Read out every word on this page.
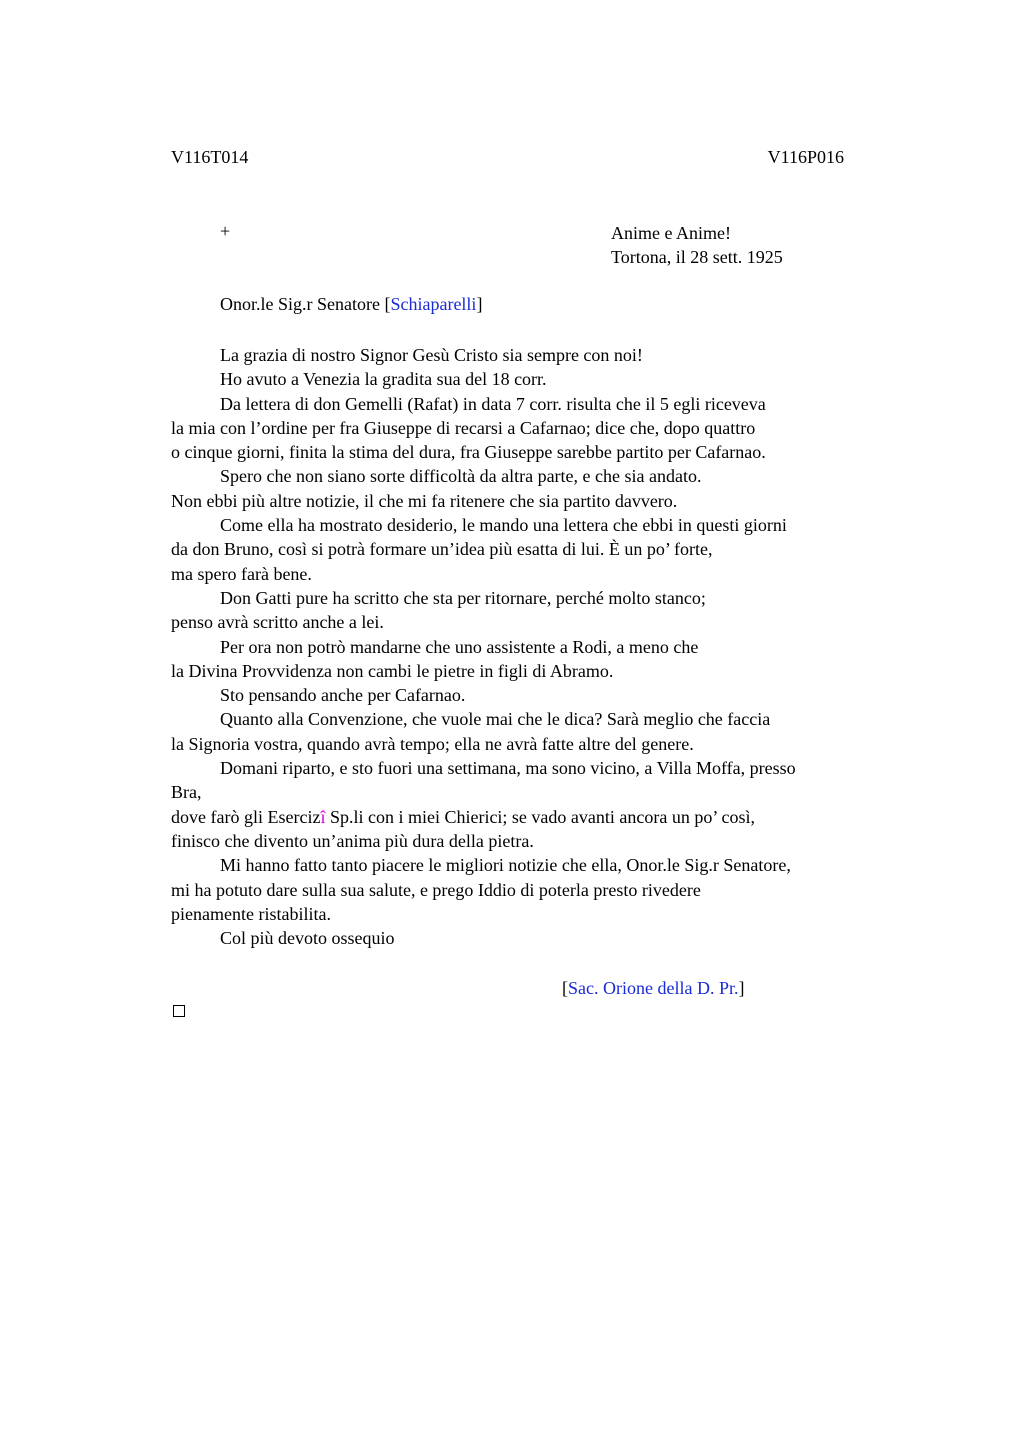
V116T014	V116P016
+	Anime e Anime!
Tortona, il 28 sett. 1925
Onor.le Sig.r Senatore [Schiaparelli]
La grazia di nostro Signor Gesù Cristo sia sempre con noi!
Ho avuto a Venezia la gradita sua del 18 corr.
Da lettera di don Gemelli (Rafat) in data 7 corr. risulta che il 5 egli riceveva
la mia con l’ordine per fra Giuseppe di recarsi a Cafarnao; dice che, dopo quattro
o cinque giorni, finita la stima del dura, fra Giuseppe sarebbe partito per Cafarnao.
Spero che non siano sorte difficoltà da altra parte, e che sia andato.
Non ebbi più altre notizie, il che mi fa ritenere che sia partito davvero.
Come ella ha mostrato desiderio, le mando una lettera che ebbi in questi giorni
da don Bruno, così si potrà formare un’idea più esatta di lui. È un po’ forte,
ma spero farà bene.
Don Gatti pure ha scritto che sta per ritornare, perché molto stanco;
penso avrà scritto anche a lei.
Per ora non potrò mandarne che uno assistente a Rodi, a meno che
la Divina Provvidenza non cambi le pietre in figli di Abramo.
Sto pensando anche per Cafarnao.
Quanto alla Convenzione, che vuole mai che le dica? Sarà meglio che faccia
la Signoria vostra, quando avrà tempo; ella ne avrà fatte altre del genere.
Domani riparto, e sto fuori una settimana, ma sono vicino, a Villa Moffa, presso
Bra,
dove farò gli Esercizî Sp.li con i miei Chierici; se vado avanti ancora un po’ così,
finisco che divento un’anima più dura della pietra.
Mi hanno fatto tanto piacere le migliori notizie che ella, Onor.le Sig.r Senatore,
mi ha potuto dare sulla sua salute, e prego Iddio di poterla presto rivedere
pienamente ristabilita.
Col più devoto ossequio
[Sac. Orione della D. Pr.]
